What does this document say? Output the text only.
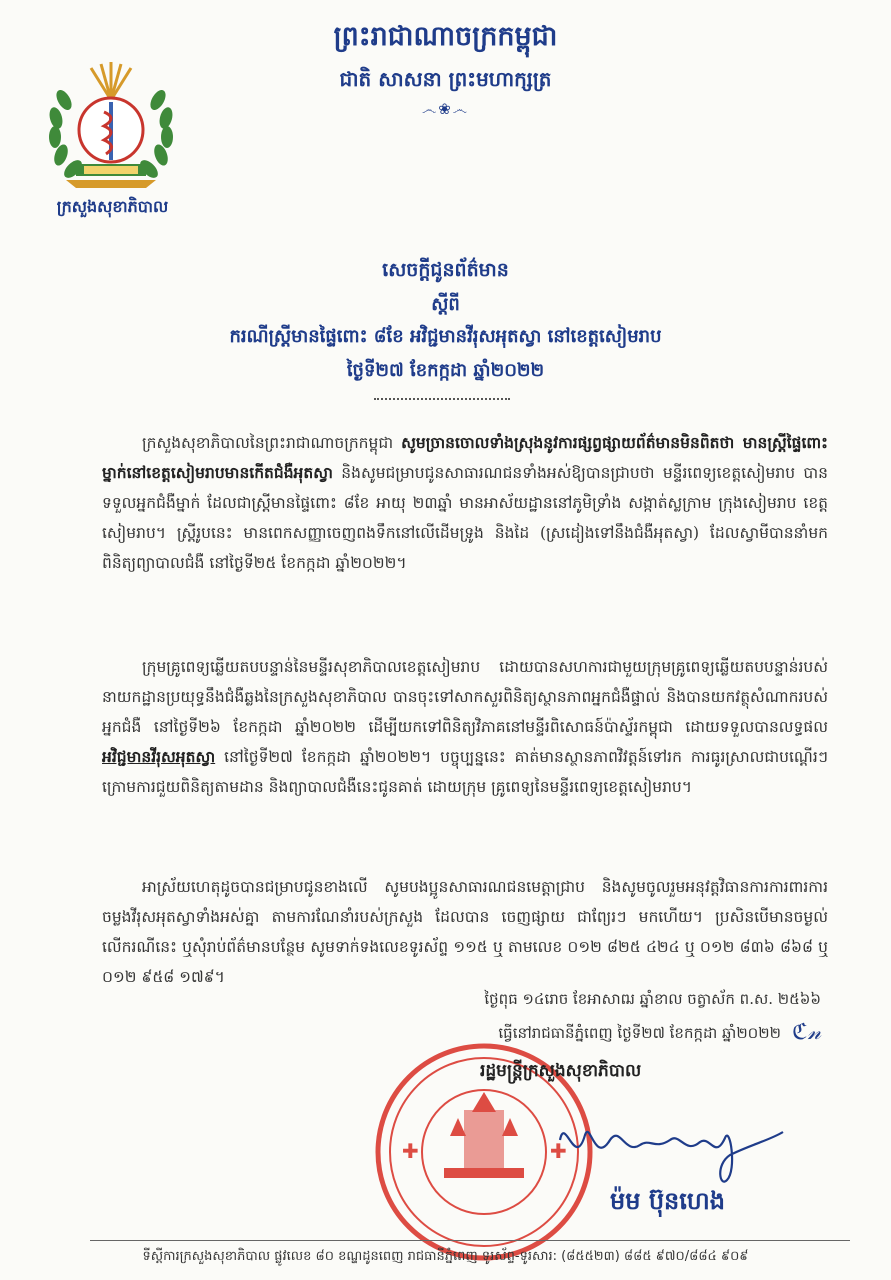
ព្រះរាជាណាចក្រកម្ពុជា
ជាតិ សាសនា ព្រះមហាក្សត្រ
෴❀෴
ក្រសួងសុខាភិបាល
សេចក្ដីជូនព័ត៌មាន
ស្ដីពី
ករណីស្ត្រីមានផ្ទៃពោះ ៨ខែ អវិជ្ជមានវីរុសអុតស្វា នៅខេត្តសៀមរាប
ថ្ងៃទី២៧ ខែកក្កដា ឆ្នាំ២០២២
ក្រសួងសុខាភិបាលនៃព្រះរាជាណាចក្រកម្ពុជា សូមច្រានចោលទាំងស្រុងនូវការផ្សព្វផ្សាយព័ត៌មានមិនពិតថា មានស្ត្រីផ្ទៃពោះម្នាក់នៅខេត្តសៀមរាបមានកើតជំងឺអុតស្វា និងសូមជម្រាបជូនសាធារណជនទាំងអស់ឱ្យបានជ្រាបថា មន្ទីរពេទ្យខេត្តសៀមរាប បានទទួលអ្នកជំងឺម្នាក់ ដែលជាស្ត្រីមានផ្ទៃពោះ ៨ខែ អាយុ ២៣ឆ្នាំ មានអាស័យដ្ឋាននៅភូមិទ្រាំង សង្កាត់ស្លក្រាម ក្រុងសៀមរាប ខេត្តសៀមរាប។ ស្ត្រីរូបនេះ មានពេកសញ្ញាចេញពងទឹកនៅលើដើមទ្រូង និងដៃ (ស្រដៀងទៅនឹងជំងឺអុតស្វា) ដែលស្វាមីបាននាំមកពិនិត្យព្យាបាលជំងឺ នៅថ្ងៃទី២៥ ខែកក្កដា ឆ្នាំ២០២២។
ក្រុមគ្រូពេទ្យឆ្លើយតបបន្ទាន់នៃមន្ទីរសុខាភិបាលខេត្តសៀមរាប ដោយបានសហការជាមួយក្រុមគ្រូពេទ្យឆ្លើយតបបន្ទាន់របស់នាយកដ្ឋានប្រយុទ្ធនឹងជំងឺឆ្លងនៃក្រសួងសុខាភិបាល បានចុះទៅសាកសួរពិនិត្យស្ថានភាពអ្នកជំងឺផ្ទាល់ និងបានយកវត្ថុសំណាករបស់អ្នកជំងឺ នៅថ្ងៃទី២៦ ខែកក្កដា ឆ្នាំ២០២២ ដើម្បីយកទៅពិនិត្យវិភាគនៅមន្ទីរពិសោធន៍ប៉ាស្ទ័រកម្ពុជា ដោយទទួលបានលទ្ធផល អវិជ្ជមានវីរុសអុតស្វា នៅថ្ងៃទី២៧ ខែកក្កដា ឆ្នាំ២០២២។ បច្ចុប្បន្ននេះ គាត់មានស្ថានភាពវិវត្តន៍ទៅរក ការធូរស្រាលជាបណ្ដើរៗ ក្រោមការជួយពិនិត្យតាមដាន និងព្យាបាលជំងឺនេះជូនគាត់ ដោយក្រុម គ្រូពេទ្យនៃមន្ទីរពេទ្យខេត្តសៀមរាប។
អាស្រ័យហេតុដូចបានជម្រាបជូនខាងលើ សូមបងប្អូនសាធារណជនមេត្តាជ្រាប និងសូមចូលរួមអនុវត្តវិធានការការពារការចម្លងវីរុសអុតស្វាទាំងអស់គ្នា តាមការណែនាំរបស់ក្រសួង ដែលបាន ចេញផ្សាយ ជាព្យែរៗ មកហើយ។ ប្រសិនបើមានចម្ងល់លើករណីនេះ ឬសុំរាប់ព័ត៌មានបន្ថែម សូមទាក់ទងលេខទូរស័ព្ទ ១១៥ ឬ តាមលេខ ០១២ ៨២៥ ៤២៤ ឬ ០១២ ៨៣៦ ៨៦៨ ឬ ០១២ ៩៥៨ ១៧៩។
✚	✚
ថ្ងៃពុធ ១៤រោច ខែអាសាឍ ឆ្នាំខាល ចត្វាស័ក ព.ស. ២៥៦៦
ធ្វើនៅរាជធានីភ្នំពេញ ថ្ងៃទី២៧ ខែកក្កដា ឆ្នាំ២០២២ ℭ𝓃
រដ្ឋមន្ត្រីក្រសួងសុខាភិបាល
ម៉ម ប៊ុនហេង
ទីស្ដីការក្រសួងសុខាភិបាល ផ្លូវលេខ ៨០ ខណ្ឌដូនពេញ រាជធានីភ្នំពេញ ទូរស័ព្ទ-ទូរសារ: (៨៥៥២៣) ៨៨៥ ៩៧០/៨៨៤ ៩០៩
